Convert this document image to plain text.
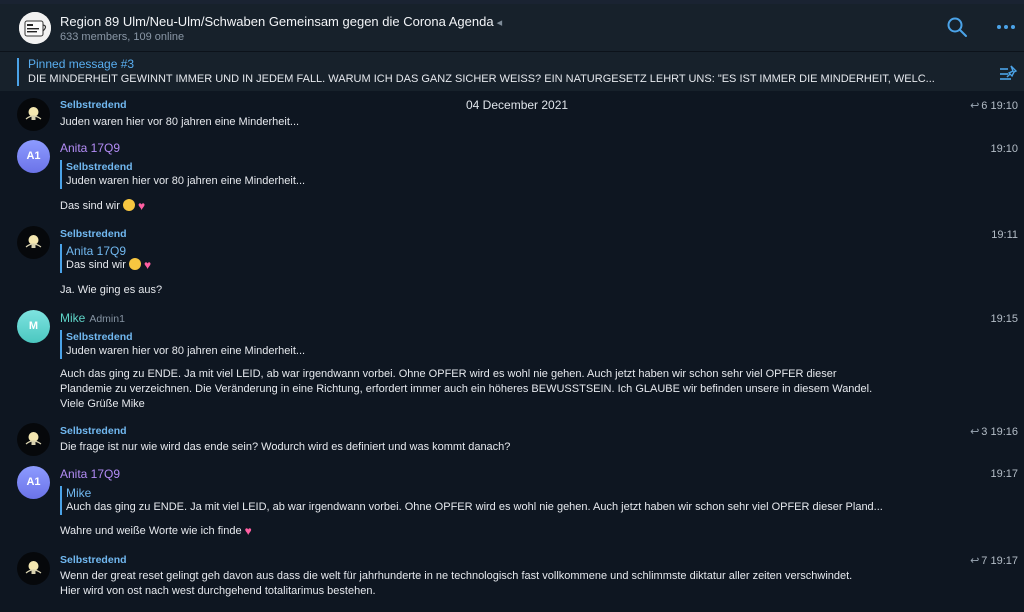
Region 89 Ulm/Neu-Ulm/Schwaben Gemeinsam gegen die Corona Agenda ◂
633 members, 109 online
Pinned message #3
DIE MINDERHEIT GEWINNT IMMER UND IN JEDEM FALL. WARUM ICH DAS GANZ SICHER WEISS? EIN NATURGESETZ LEHRT UNS: "ES IST IMMER DIE MINDERHEIT, WELC...
04 December 2021
Selbstredend	↩ 6 19:10
Juden waren hier vor 80 jahren eine Minderheit...
A1
Anita 17Q9	19:10
Selbstredend
Juden waren hier vor 80 jahren eine Minderheit...
Das sind wir  ♥
Selbstredend	19:11
Anita 17Q9
Das sind wir  ♥
Ja. Wie ging es aus?
M
Mike Admin1	19:15
Selbstredend
Juden waren hier vor 80 jahren eine Minderheit...
Auch das ging zu ENDE. Ja mit viel LEID, ab war irgendwann vorbei. Ohne OPFER wird es wohl nie gehen. Auch jetzt haben wir schon sehr viel OPFER dieser
Plandemie zu verzeichnen. Die Veränderung in eine Richtung, erfordert immer auch ein höheres BEWUSSTSEIN. Ich GLAUBE wir befinden unsere in diesem Wandel.
Viele Grüße Mike
Selbstredend	↩ 3 19:16
Die frage ist nur wie wird das ende sein? Wodurch wird es definiert und was kommt danach?
A1
Anita 17Q9	19:17
Mike
Auch das ging zu ENDE. Ja mit viel LEID, ab war irgendwann vorbei. Ohne OPFER wird es wohl nie gehen. Auch jetzt haben wir schon sehr viel OPFER dieser Pland...
Wahre und weiße Worte wie ich finde ♥
Selbstredend	↩ 7 19:17
Wenn der great reset gelingt geh davon aus dass die welt für jahrhunderte in ne technologisch fast vollkommene und schlimmste diktatur aller zeiten verschwindet.
Hier wird von ost nach west durchgehend totalitarimus bestehen.
